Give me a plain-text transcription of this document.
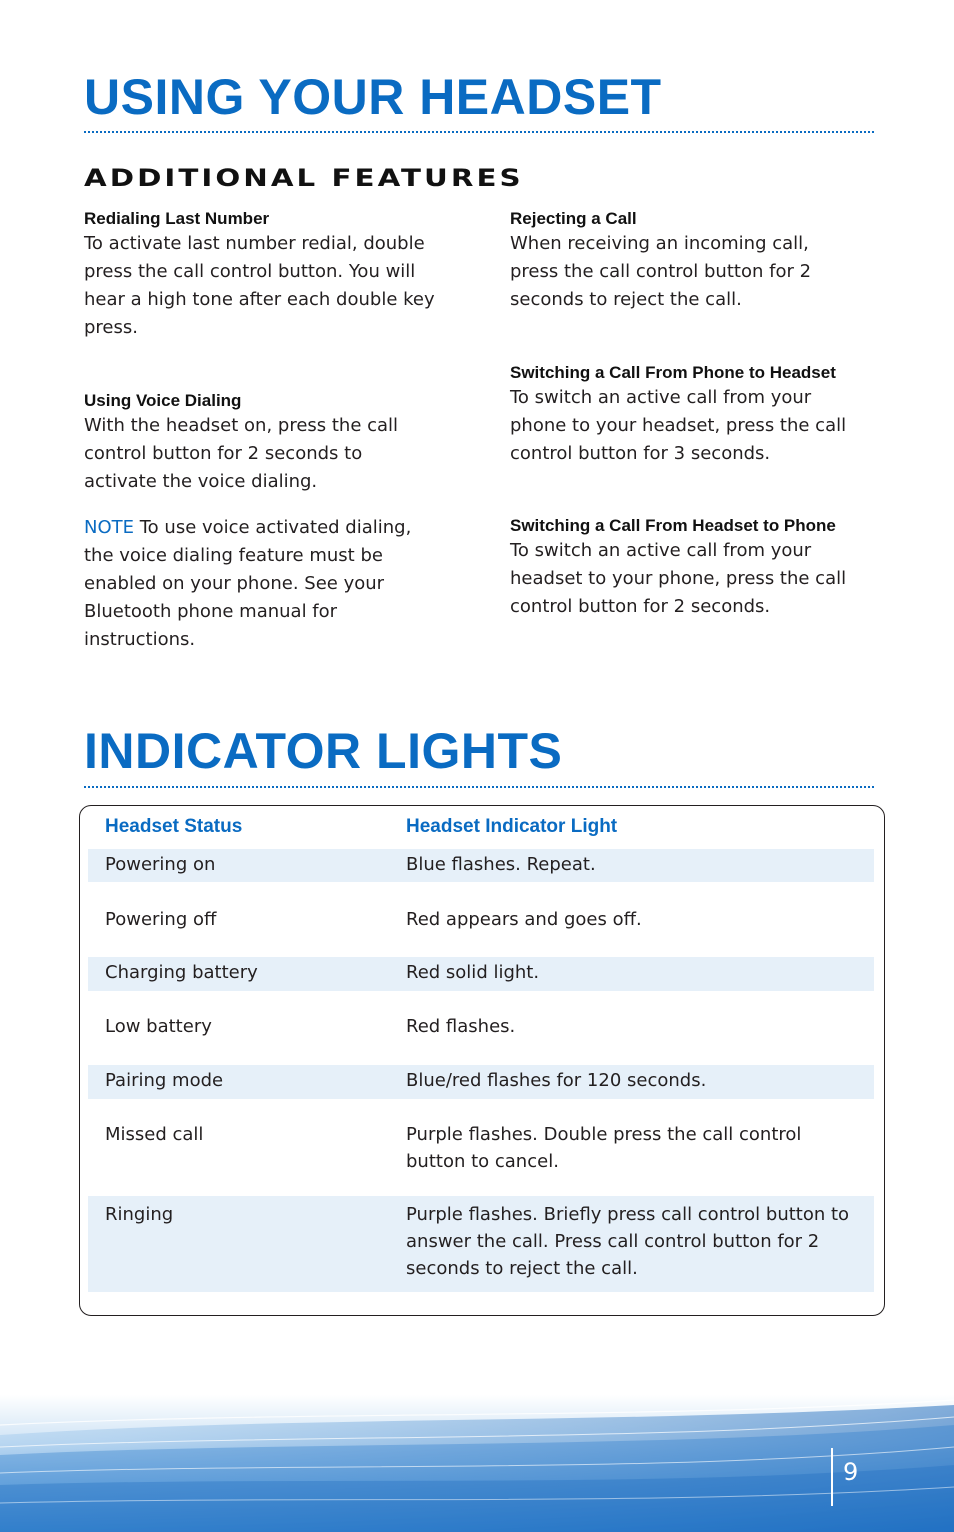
USING YOUR HEADSET
ADDITIONAL FEATURES

Redialing Last Number

To activate last number redial, double press the call control button. You will hear a high tone after each double key press.

Using Voice Dialing

With the headset on, press the call control button for 2 seconds to activate the voice dialing.

NOTE To use voice activated dialing, the voice dialing feature must be enabled on your phone. See your Bluetooth phone manual for instructions.

Rejecting a Call

When receiving an incoming call, press the call control button for 2 seconds to reject the call.

Switching a Call From Phone to Headset

To switch an active call from your phone to your headset, press the call control button for 3 seconds.

Switching a Call From Headset to Phone

To switch an active call from your headset to your phone, press the call control button for 2 seconds.

INDICATOR LIGHTS
Headset Status	Headset Indicator Light
Powering on	Blue flashes. Repeat.
Powering off	Red appears and goes off.
Charging battery	Red solid light.
Low battery	Red flashes.
Pairing mode	Blue/red flashes for 120 seconds.
Missed call	Purple flashes. Double press the call control button to cancel.
Ringing	Purple flashes. Briefly press call control button to answer the call. Press call control button for 2 seconds to reject the call.
9
